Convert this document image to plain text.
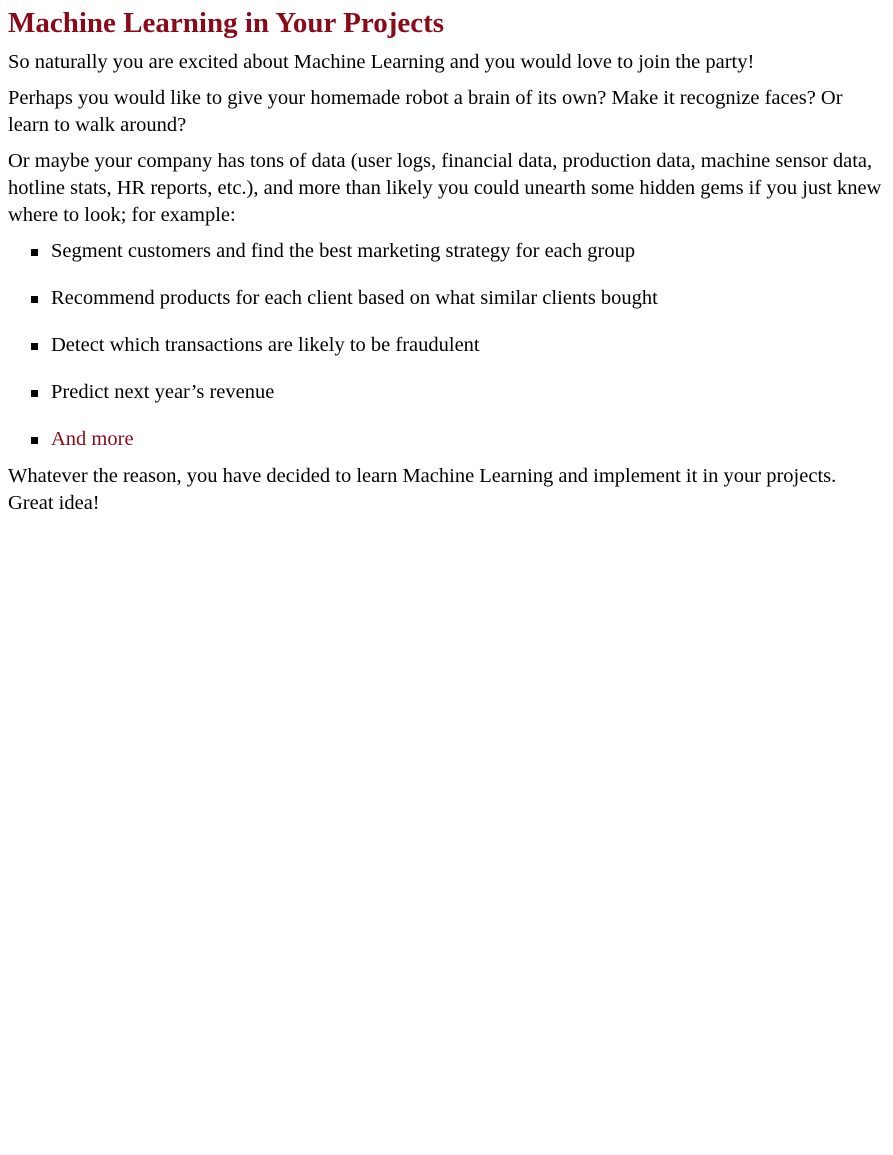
Machine Learning in Your Projects

So naturally you are excited about Machine Learning and you would love to join the party!

Perhaps you would like to give your homemade robot a brain of its own? Make it recognize faces? Or learn to walk around?

Or maybe your company has tons of data (user logs, financial data, production data, machine sensor data, hotline stats, HR reports, etc.), and more than likely you could unearth some hidden gems if you just knew where to look; for example:

Segment customers and find the best marketing strategy for each group
Recommend products for each client based on what similar clients bought
Detect which transactions are likely to be fraudulent
Predict next year’s revenue
And more

Whatever the reason, you have decided to learn Machine Learning and implement it in your projects. Great idea!
